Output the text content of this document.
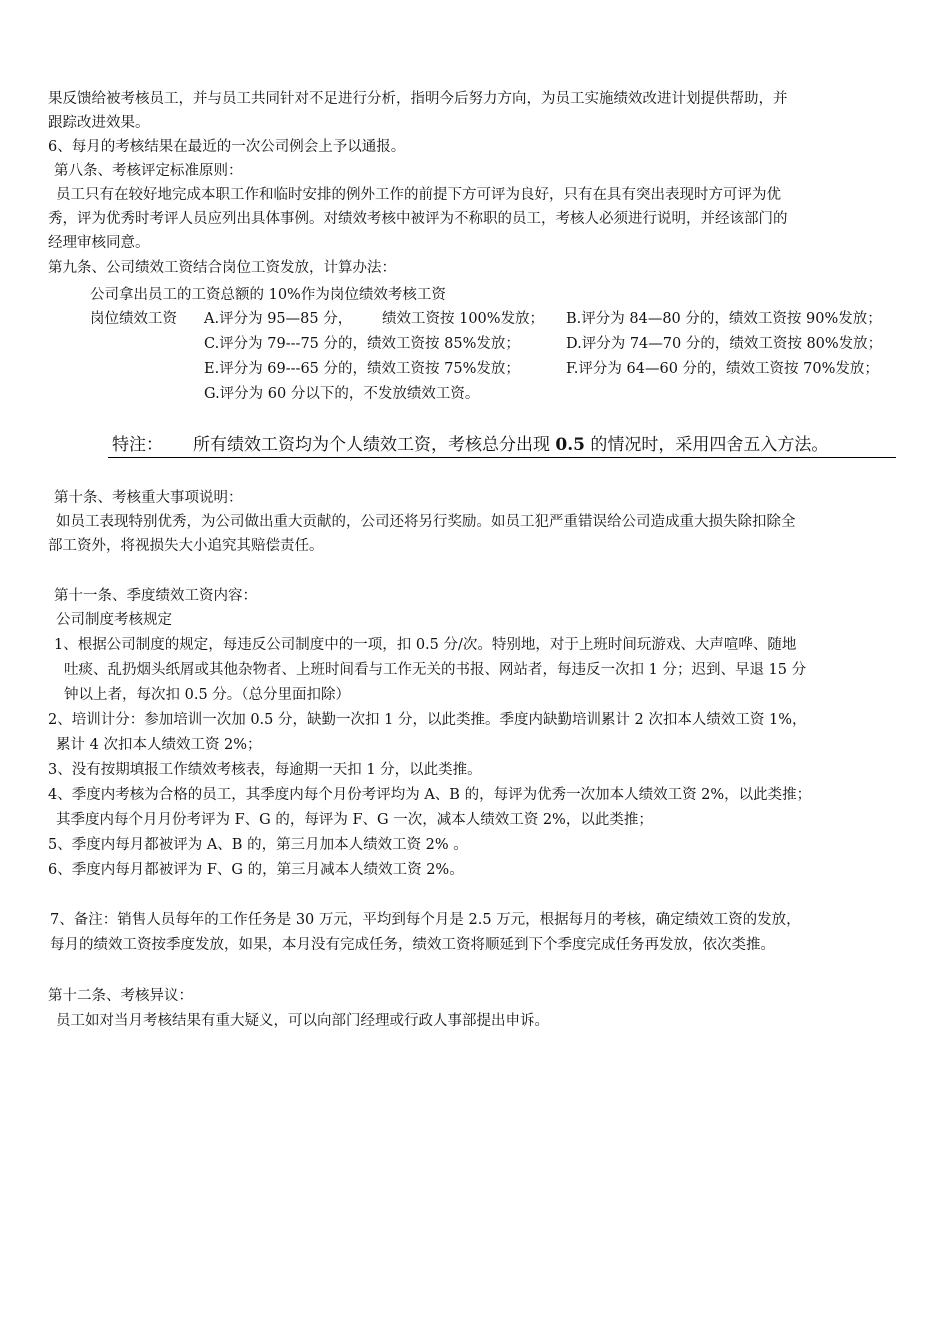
果反馈给被考核员工，并与员工共同针对不足进行分析，指明今后努力方向，为员工实施绩效改进计划提供帮助，并
跟踪改进效果。
6、每月的考核结果在最近的一次公司例会上予以通报。
第八条、考核评定标准原则：
员工只有在较好地完成本职工作和临时安排的例外工作的前提下方可评为良好，只有在具有突出表现时方可评为优
秀，评为优秀时考评人员应列出具体事例。对绩效考核中被评为不称职的员工，考核人必须进行说明，并经该部门的
经理审核同意。
第九条、公司绩效工资结合岗位工资发放，计算办法：
公司拿出员工的工资总额的 10%作为岗位绩效考核工资
岗位绩效工资 A.评分为 95—85 分， 绩效工资按 100%发放； B.评分为 84—80 分的，绩效工资按 90%发放；
C.评分为 79---75 分的，绩效工资按 85%发放；	D.评分为 74—70 分的，绩效工资按 80%发放；
E.评分为 69---65 分的，绩效工资按 75%发放；	F.评分为 64—60 分的，绩效工资按 70%发放；
G.评分为 60 分以下的，不发放绩效工资。
特注： 所有绩效工资均为个人绩效工资，考核总分出现 0.5 的情况时，采用四舍五入方法。
第十条、考核重大事项说明：
如员工表现特别优秀，为公司做出重大贡献的，公司还将另行奖励。如员工犯严重错误给公司造成重大损失除扣除全
部工资外，将视损失大小追究其赔偿责任。
第十一条、季度绩效工资内容：
公司制度考核规定
1、根据公司制度的规定，每违反公司制度中的一项，扣 0.5 分/次。特别地，对于上班时间玩游戏、大声喧哗、随地
吐痰、乱扔烟头纸屑或其他杂物者、上班时间看与工作无关的书报、网站者，每违反一次扣 1 分；迟到、早退 15 分
钟以上者，每次扣 0.5 分。（总分里面扣除）
2、培训计分：参加培训一次加 0.5 分，缺勤一次扣 1 分，以此类推。季度内缺勤培训累计 2 次扣本人绩效工资 1%，
累计 4 次扣本人绩效工资 2%；
3、没有按期填报工作绩效考核表，每逾期一天扣 1 分，以此类推。
4、季度内考核为合格的员工，其季度内每个月份考评均为 A、B 的，每评为优秀一次加本人绩效工资 2%，以此类推；
其季度内每个月月份考评为 F、G 的，每评为 F、G 一次，减本人绩效工资 2%，以此类推；
5、季度内每月都被评为 A、B 的，第三月加本人绩效工资 2% 。
6、季度内每月都被评为 F、G 的，第三月减本人绩效工资 2%。
7、备注：销售人员每年的工作任务是 30 万元，平均到每个月是 2.5 万元，根据每月的考核，确定绩效工资的发放，
每月的绩效工资按季度发放，如果，本月没有完成任务，绩效工资将顺延到下个季度完成任务再发放，依次类推。
第十二条、考核异议：
员工如对当月考核结果有重大疑义，可以向部门经理或行政人事部提出申诉。
